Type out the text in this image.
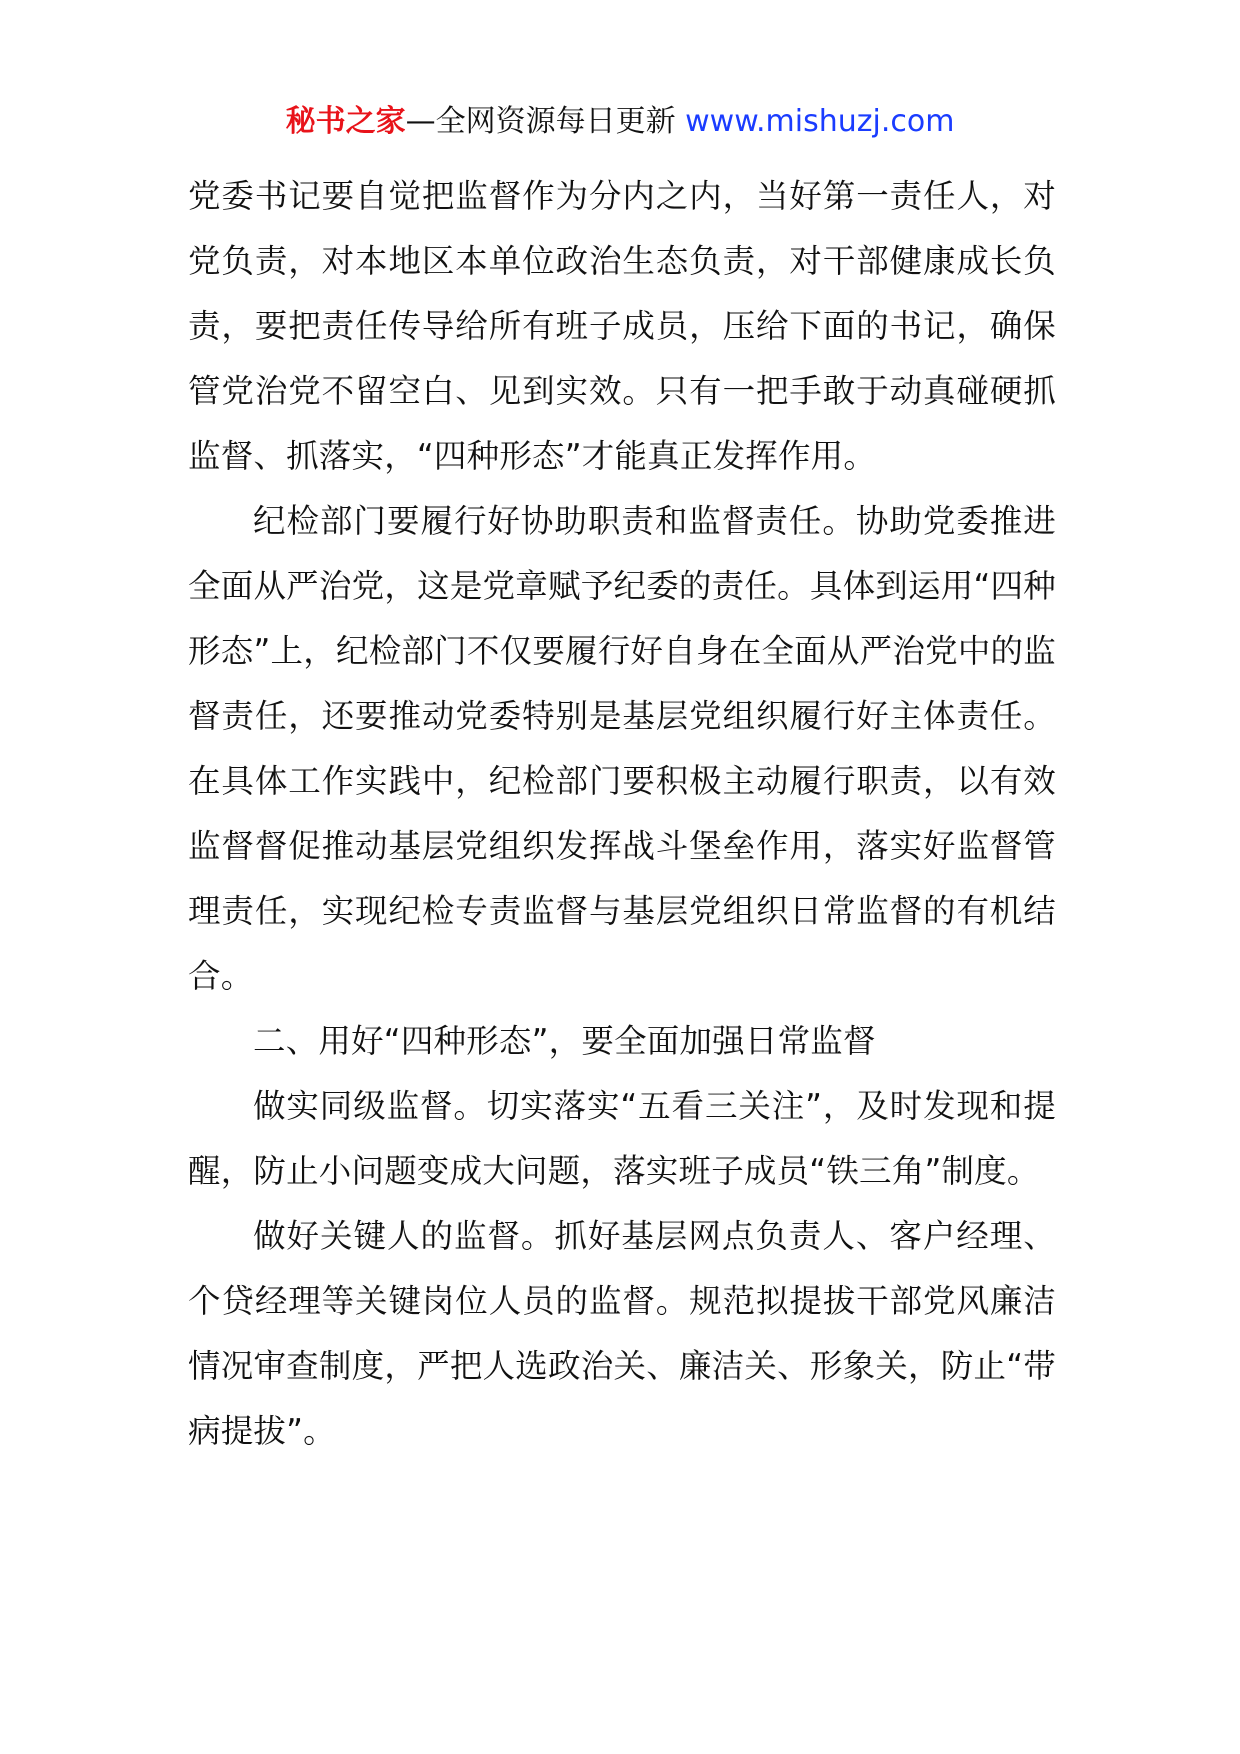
秘书之家—全网资源每日更新 www.mishuzj.com

党委书记要自觉把监督作为分内之内，当好第一责任人，对党负责，对本地区本单位政治生态负责，对干部健康成长负责，要把责任传导给所有班子成员，压给下面的书记，确保管党治党不留空白、见到实效。只有一把手敢于动真碰硬抓监督、抓落实，“四种形态”才能真正发挥作用。

纪检部门要履行好协助职责和监督责任。协助党委推进全面从严治党，这是党章赋予纪委的责任。具体到运用“四种形态”上，纪检部门不仅要履行好自身在全面从严治党中的监督责任，还要推动党委特别是基层党组织履行好主体责任。在具体工作实践中，纪检部门要积极主动履行职责，以有效监督督促推动基层党组织发挥战斗堡垒作用，落实好监督管理责任，实现纪检专责监督与基层党组织日常监督的有机结合。

二、用好“四种形态”，要全面加强日常监督

做实同级监督。切实落实“五看三关注”，及时发现和提醒，防止小问题变成大问题，落实班子成员“铁三角”制度。

做好关键人的监督。抓好基层网点负责人、客户经理、个贷经理等关键岗位人员的监督。规范拟提拔干部党风廉洁情况审查制度，严把人选政治关、廉洁关、形象关，防止“带病提拔”。
